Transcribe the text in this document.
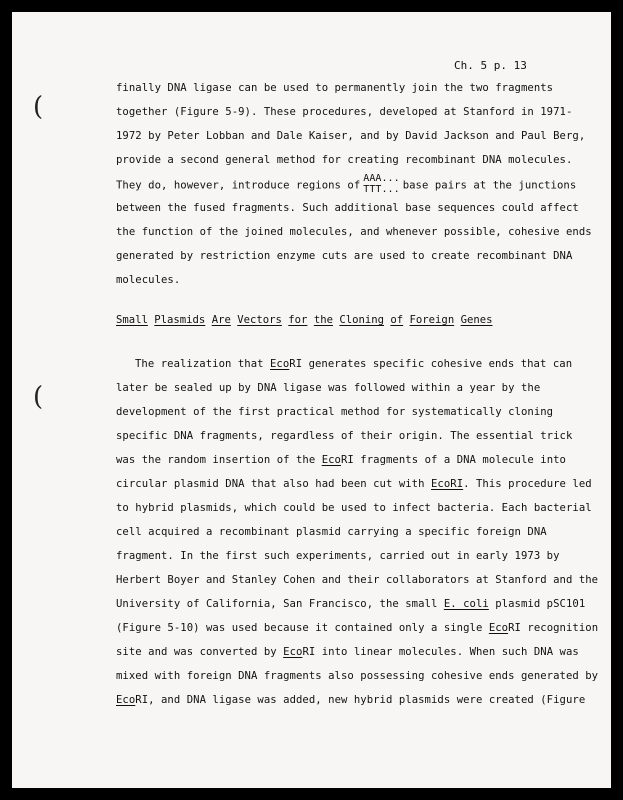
(
(
Ch. 5 p. 13
finally DNA ligase can be used to permanently join the two fragments
together (Figure 5-9). These procedures, developed at Stanford in 1971-
1972 by Peter Lobban and Dale Kaiser, and by David Jackson and Paul Berg,
provide a second general method for creating recombinant DNA molecules.
They do, however, introduce regions of
AAA...
TTT... base pairs at the junctions
between the fused fragments. Such additional base sequences could affect
the function of the joined molecules, and whenever possible, cohesive ends
generated by restriction enzyme cuts are used to create recombinant DNA
molecules.
Small Plasmids Are Vectors for the Cloning of Foreign Genes
The realization that EcoRI generates specific cohesive ends that can
later be sealed up by DNA ligase was followed within a year by the
development of the first practical method for systematically cloning
specific DNA fragments, regardless of their origin. The essential trick
was the random insertion of the EcoRI fragments of a DNA molecule into
circular plasmid DNA that also had been cut with EcoRI. This procedure led
to hybrid plasmids, which could be used to infect bacteria. Each bacterial
cell acquired a recombinant plasmid carrying a specific foreign DNA
fragment. In the first such experiments, carried out in early 1973 by
Herbert Boyer and Stanley Cohen and their collaborators at Stanford and the
University of California, San Francisco, the small E. coli plasmid pSC101
(Figure 5-10) was used because it contained only a single EcoRI recognition
site and was converted by EcoRI into linear molecules. When such DNA was
mixed with foreign DNA fragments also possessing cohesive ends generated by
EcoRI, and DNA ligase was added, new hybrid plasmids were created (Figure
